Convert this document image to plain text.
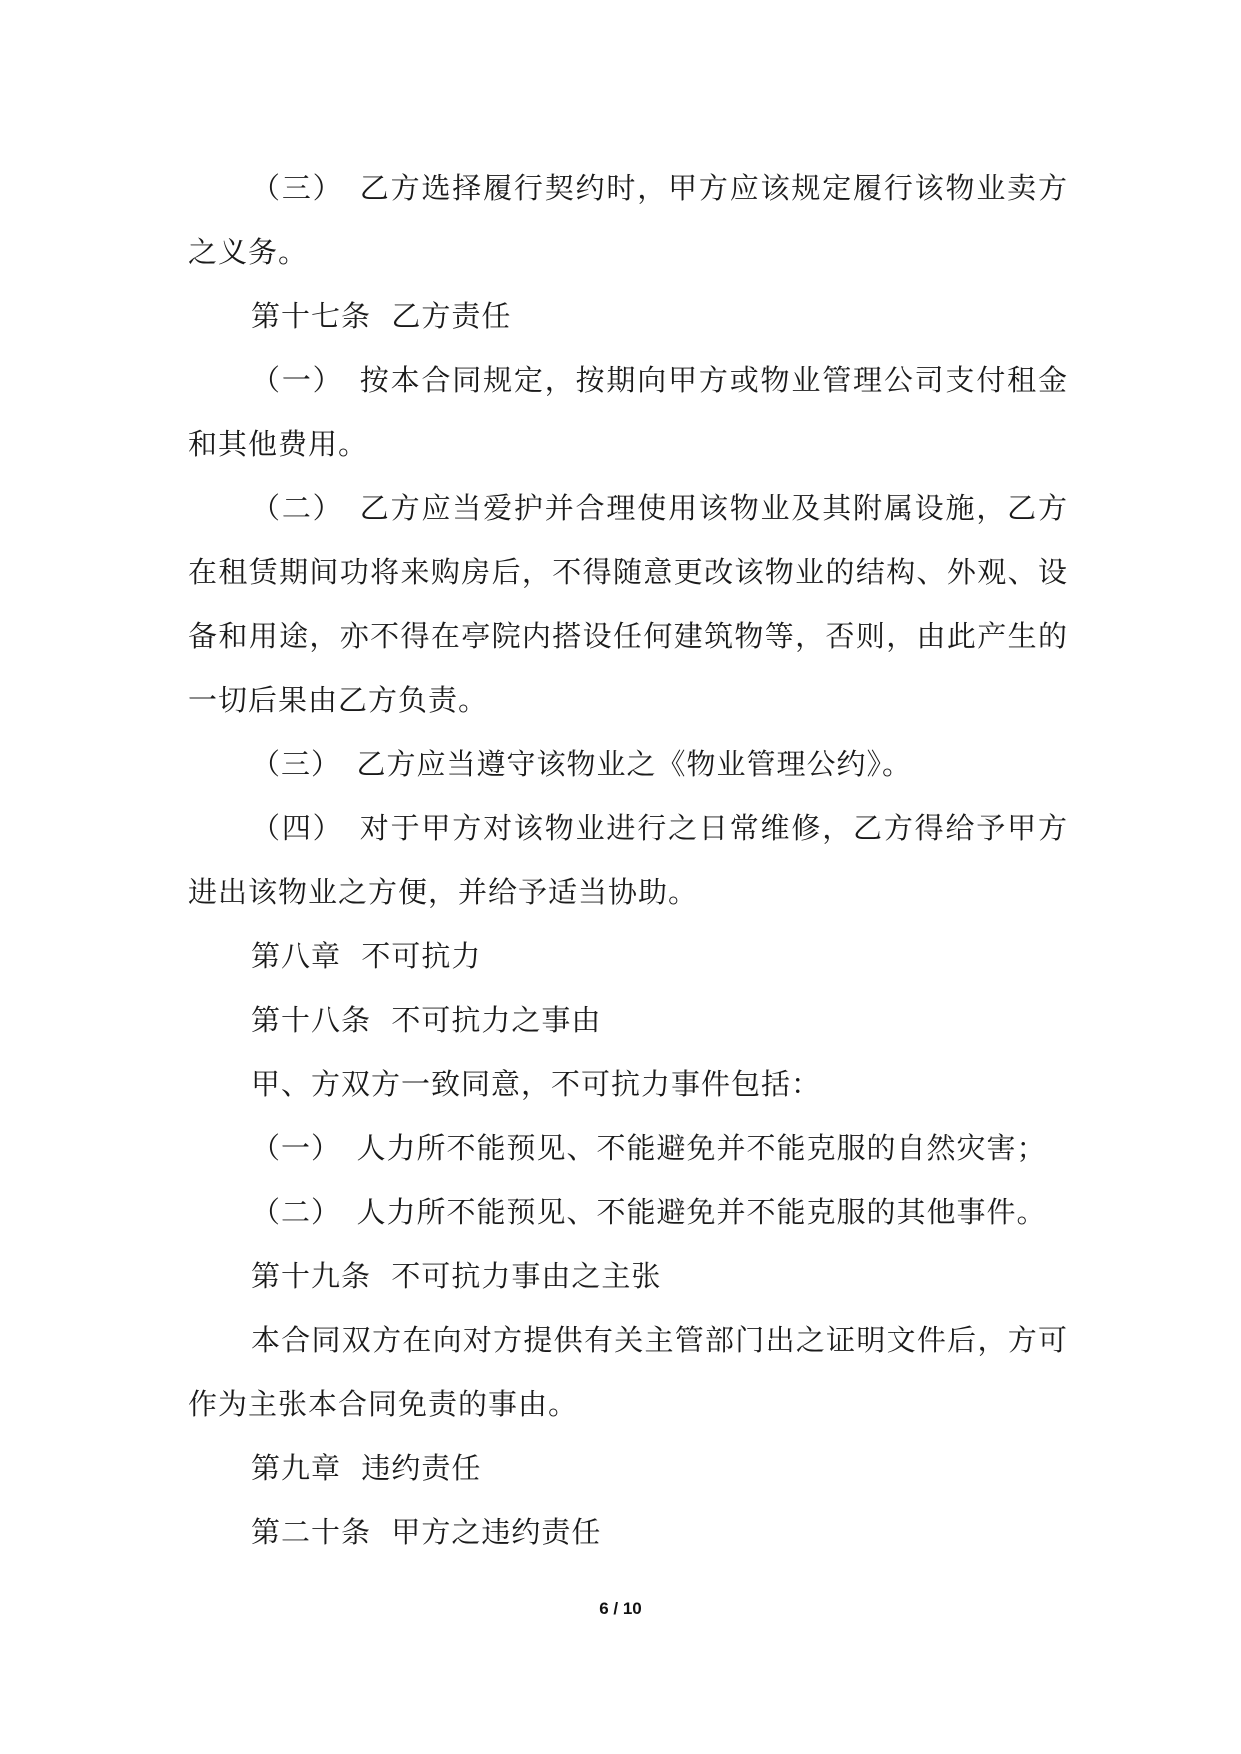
（三）　乙方选择履行契约时，甲方应该规定履行该物业卖方之义务。

第十七条  乙方责任

（一）　按本合同规定，按期向甲方或物业管理公司支付租金和其他费用。

（二）　乙方应当爱护并合理使用该物业及其附属设施，乙方在租赁期间功将来购房后，不得随意更改该物业的结构、外观、设备和用途，亦不得在亭院内搭设任何建筑物等，否则，由此产生的一切后果由乙方负责。

（三）　乙方应当遵守该物业之《物业管理公约》。

（四）　对于甲方对该物业进行之日常维修，乙方得给予甲方进出该物业之方便，并给予适当协助。

第八章  不可抗力

第十八条  不可抗力之事由

甲、方双方一致同意，不可抗力事件包括：

（一）　人力所不能预见、不能避免并不能克服的自然灾害；

（二）　人力所不能预见、不能避免并不能克服的其他事件。

第十九条  不可抗力事由之主张

本合同双方在向对方提供有关主管部门出之证明文件后，方可作为主张本合同免责的事由。

第九章  违约责任

第二十条  甲方之违约责任

6 / 10
